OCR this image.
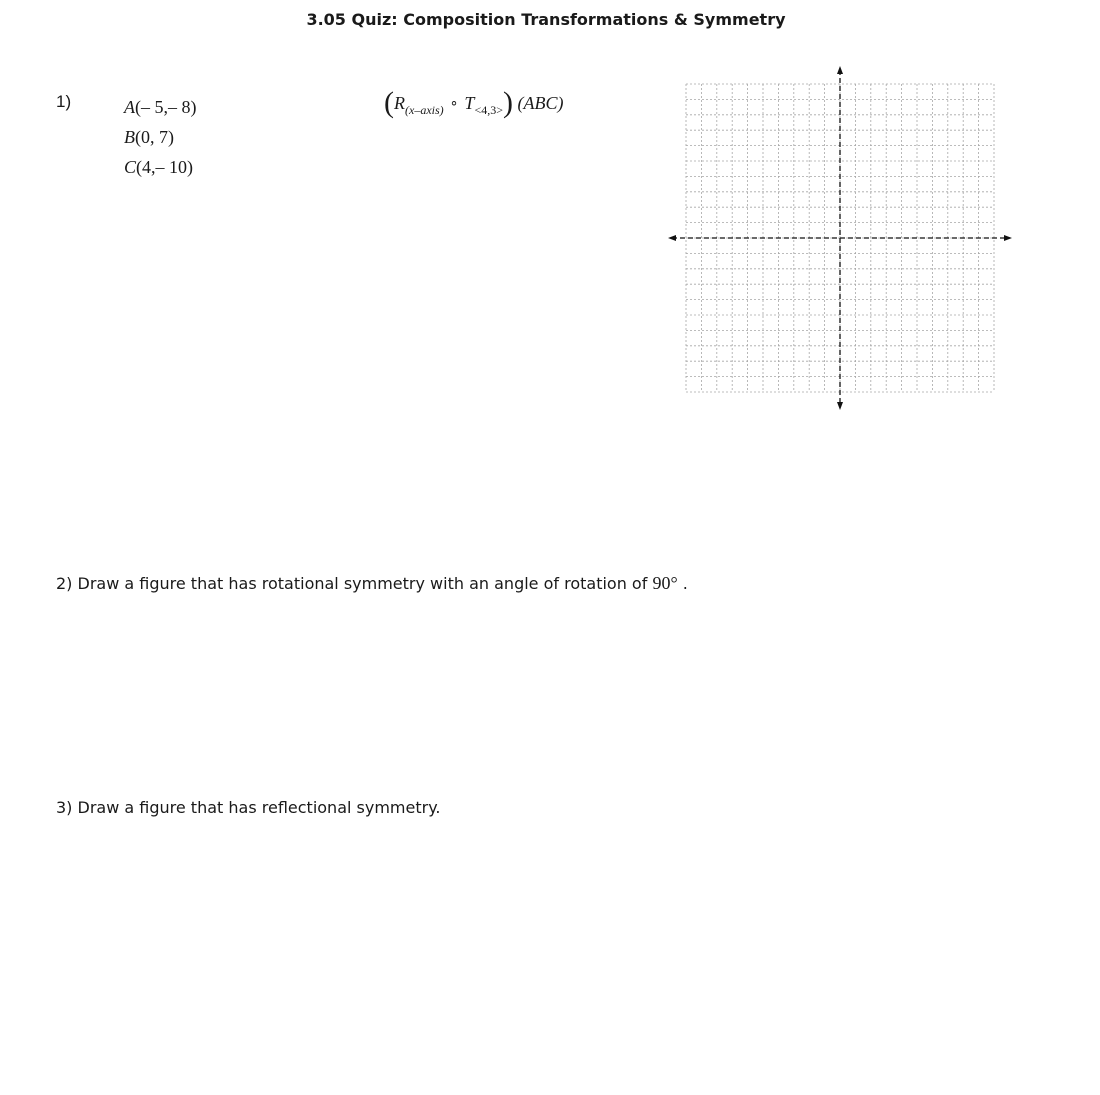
3.05 Quiz: Composition Transformations & Symmetry
1)	A(– 5,– 8)
B(0, 7)
C(4,– 10)
($R_{(x-axis)}$ ∘ $T_{<4,3>}$) (ABC)
2) Draw a figure that has rotational symmetry with an angle of rotation of 90° .
3) Draw a figure that has reflectional symmetry.
